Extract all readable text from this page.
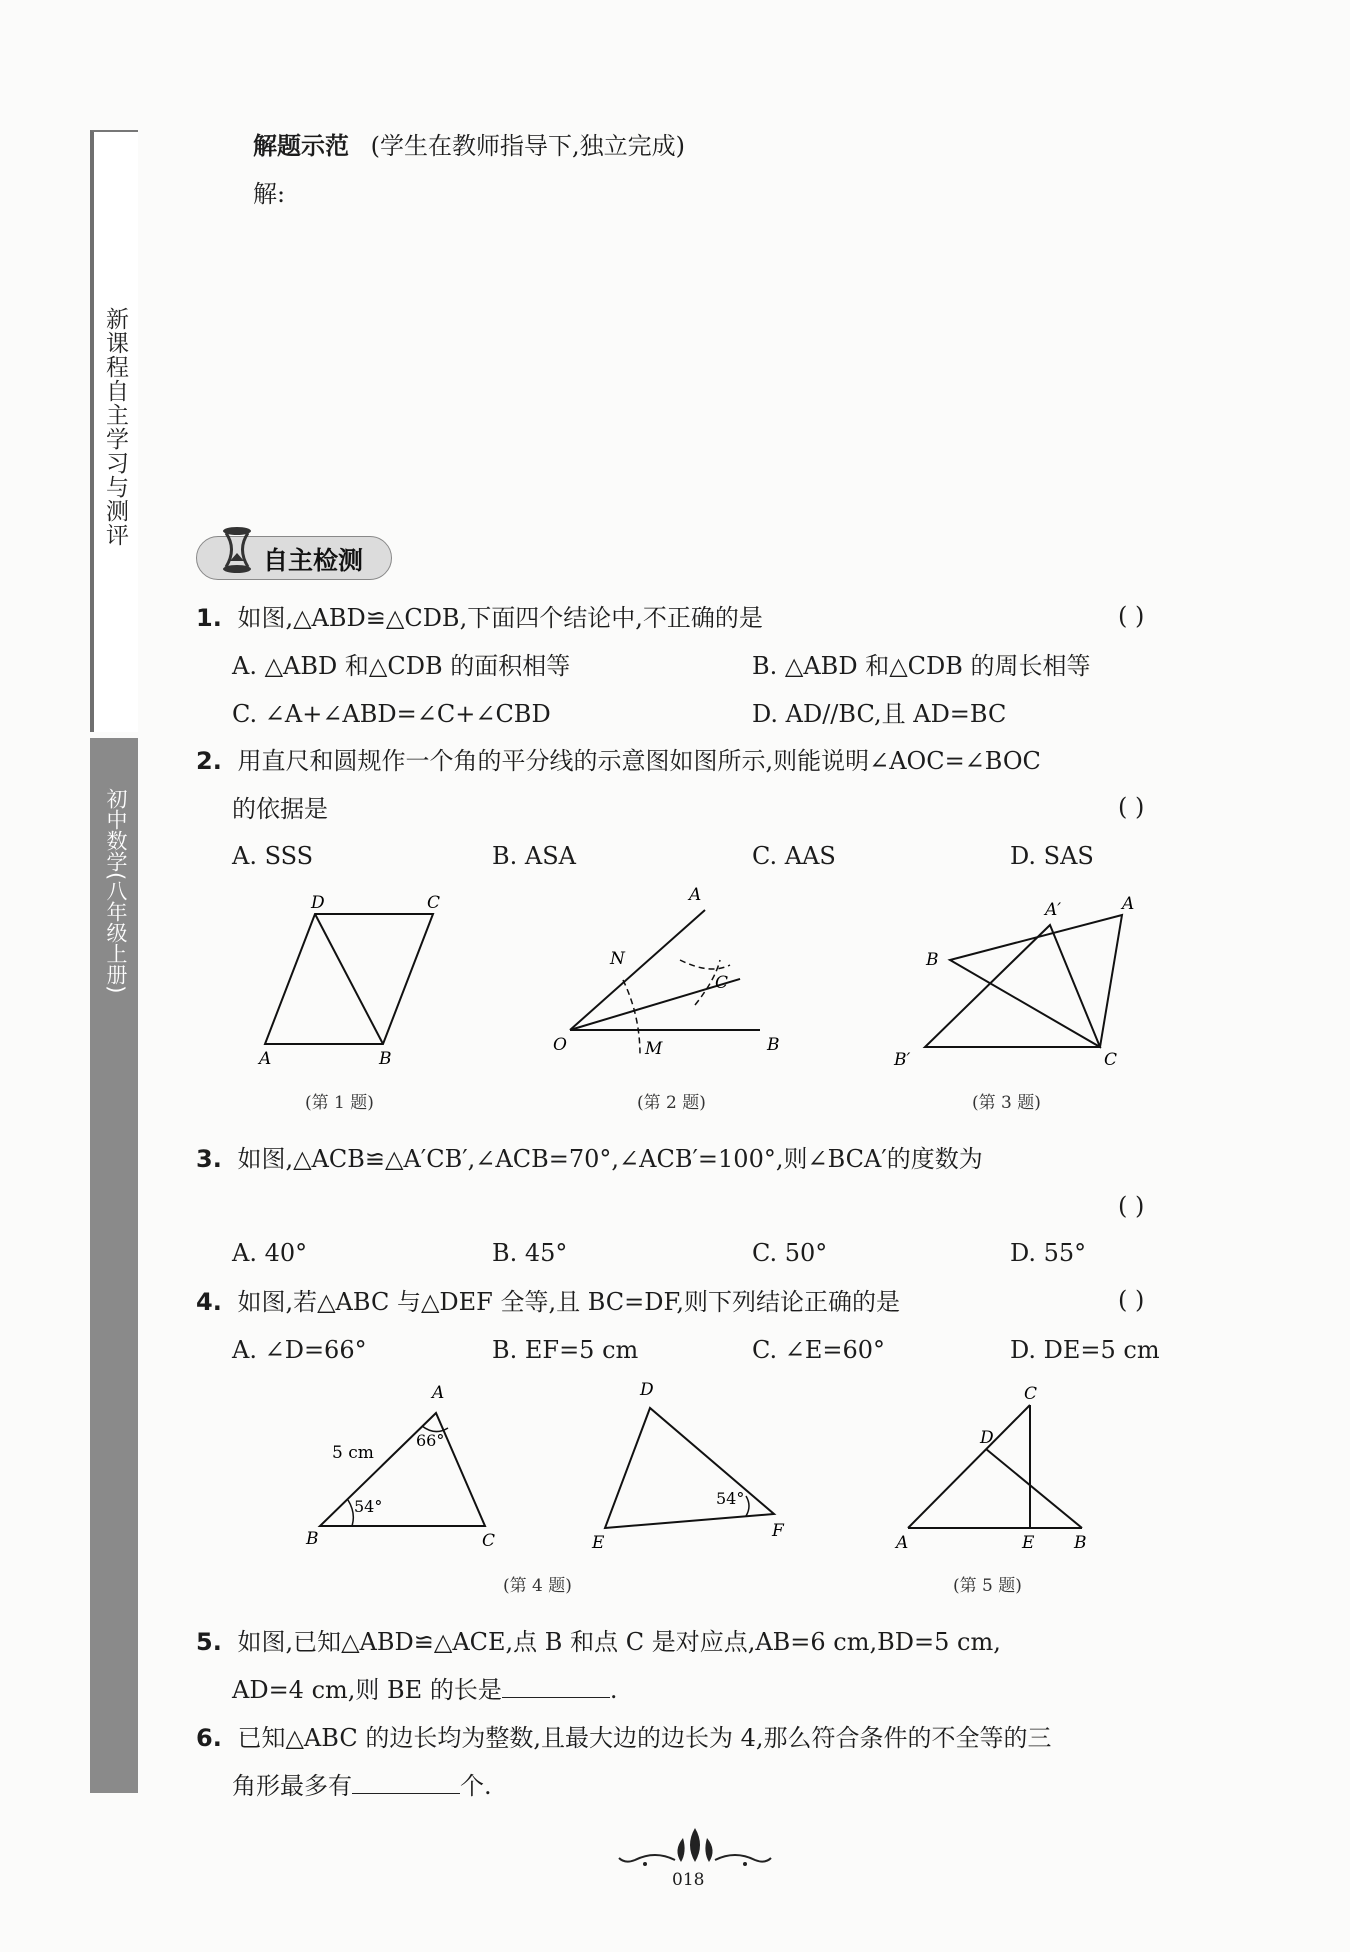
新课程自主学习与测评
初中数学(八年级上册)
解题示范 (学生在教师指导下,独立完成)
解:
自主检测
1. 如图,△ABD≌△CDB,下面四个结论中,不正确的是	( )
A. △ABD 和△CDB 的面积相等	B. △ABD 和△CDB 的周长相等
C. ∠A+∠ABD=∠C+∠CBD	D. AD//BC,且 AD=BC
2. 用直尺和圆规作一个角的平分线的示意图如图所示,则能说明∠AOC=∠BOC
的依据是	( )
A. SSS	B. ASA	C. AAS	D. SAS
D	C
A	B
(第 1 题)
A
N
C
O	M	B
(第 2 题)
A′	A
B
B′	C
(第 3 题)
3. 如图,△ACB≌△A′CB′,∠ACB=70°,∠ACB′=100°,则∠BCA′的度数为
( )
A. 40°	B. 45°	C. 50°	D. 55°
4. 如图,若△ABC 与△DEF 全等,且 BC=DF,则下列结论正确的是	( )
A. ∠D=66°	B. EF=5 cm	C. ∠E=60°	D. DE=5 cm
A
5 cm
66°
54°
B	C
D
54°
E
F
(第 4 题)
C
D
A	E B
(第 5 题)
5. 如图,已知△ABD≌△ACE,点 B 和点 C 是对应点,AB=6 cm,BD=5 cm,
AD=4 cm,则 BE 的长是	.
6. 已知△ABC 的边长均为整数,且最大边的边长为 4,那么符合条件的不全等的三
角形最多有	个.
018
